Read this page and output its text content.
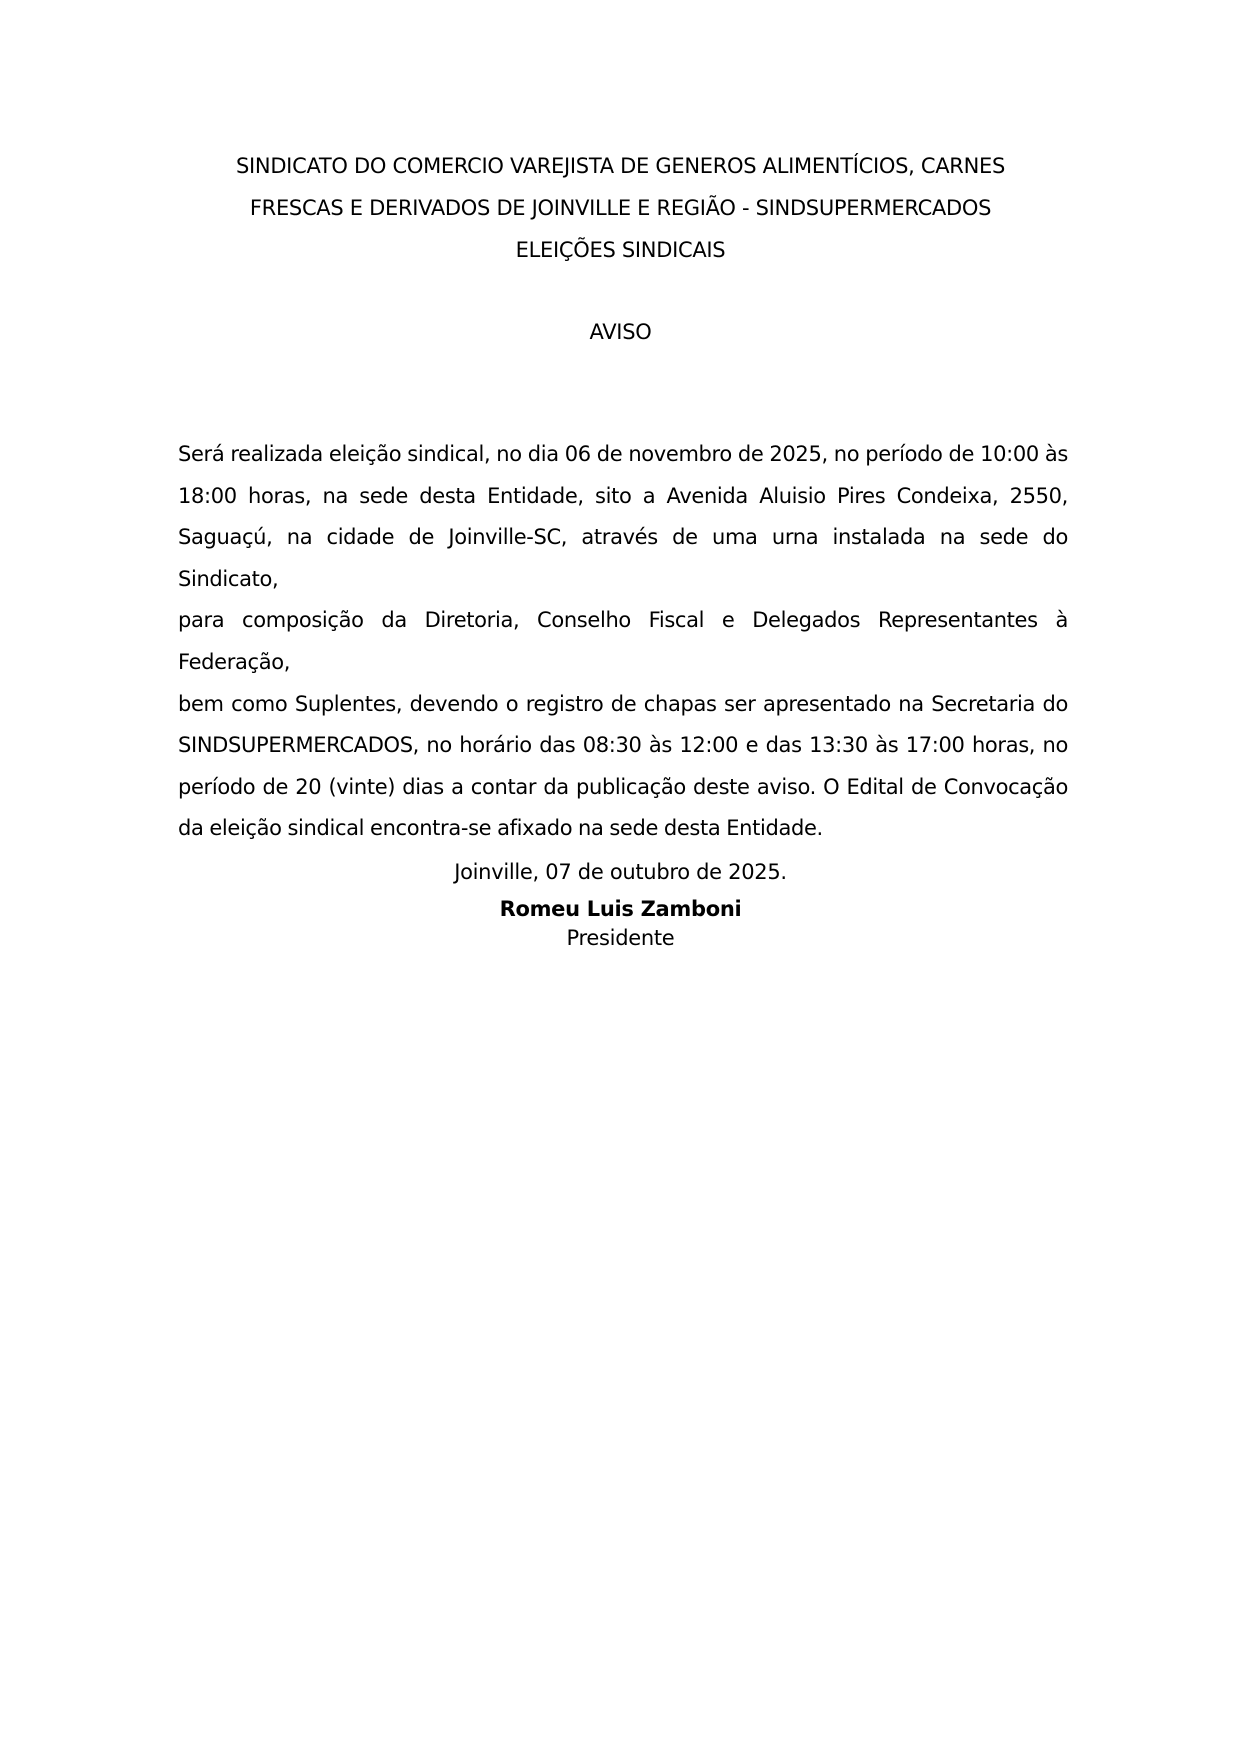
SINDICATO DO COMERCIO VAREJISTA DE GENEROS ALIMENTÍCIOS, CARNES
FRESCAS E DERIVADOS DE JOINVILLE E REGIÃO - SINDSUPERMERCADOS
ELEIÇÕES SINDICAIS
AVISO
Será realizada eleição sindical, no dia 06 de novembro de 2025, no período de 10:00 às
18:00 horas, na sede desta Entidade, sito a Avenida Aluisio Pires Condeixa, 2550,
Saguaçú, na cidade de Joinville-SC, através de uma urna instalada na sede do Sindicato,
para composição da Diretoria, Conselho Fiscal e Delegados Representantes à Federação,
bem como Suplentes, devendo o registro de chapas ser apresentado na Secretaria do
SINDSUPERMERCADOS, no horário das 08:30 às 12:00 e das 13:30 às 17:00 horas, no
período de 20 (vinte) dias a contar da publicação deste aviso. O Edital de Convocação
da eleição sindical encontra-se afixado na sede desta Entidade.
Joinville, 07 de outubro de 2025.
Romeu Luis Zamboni
Presidente
